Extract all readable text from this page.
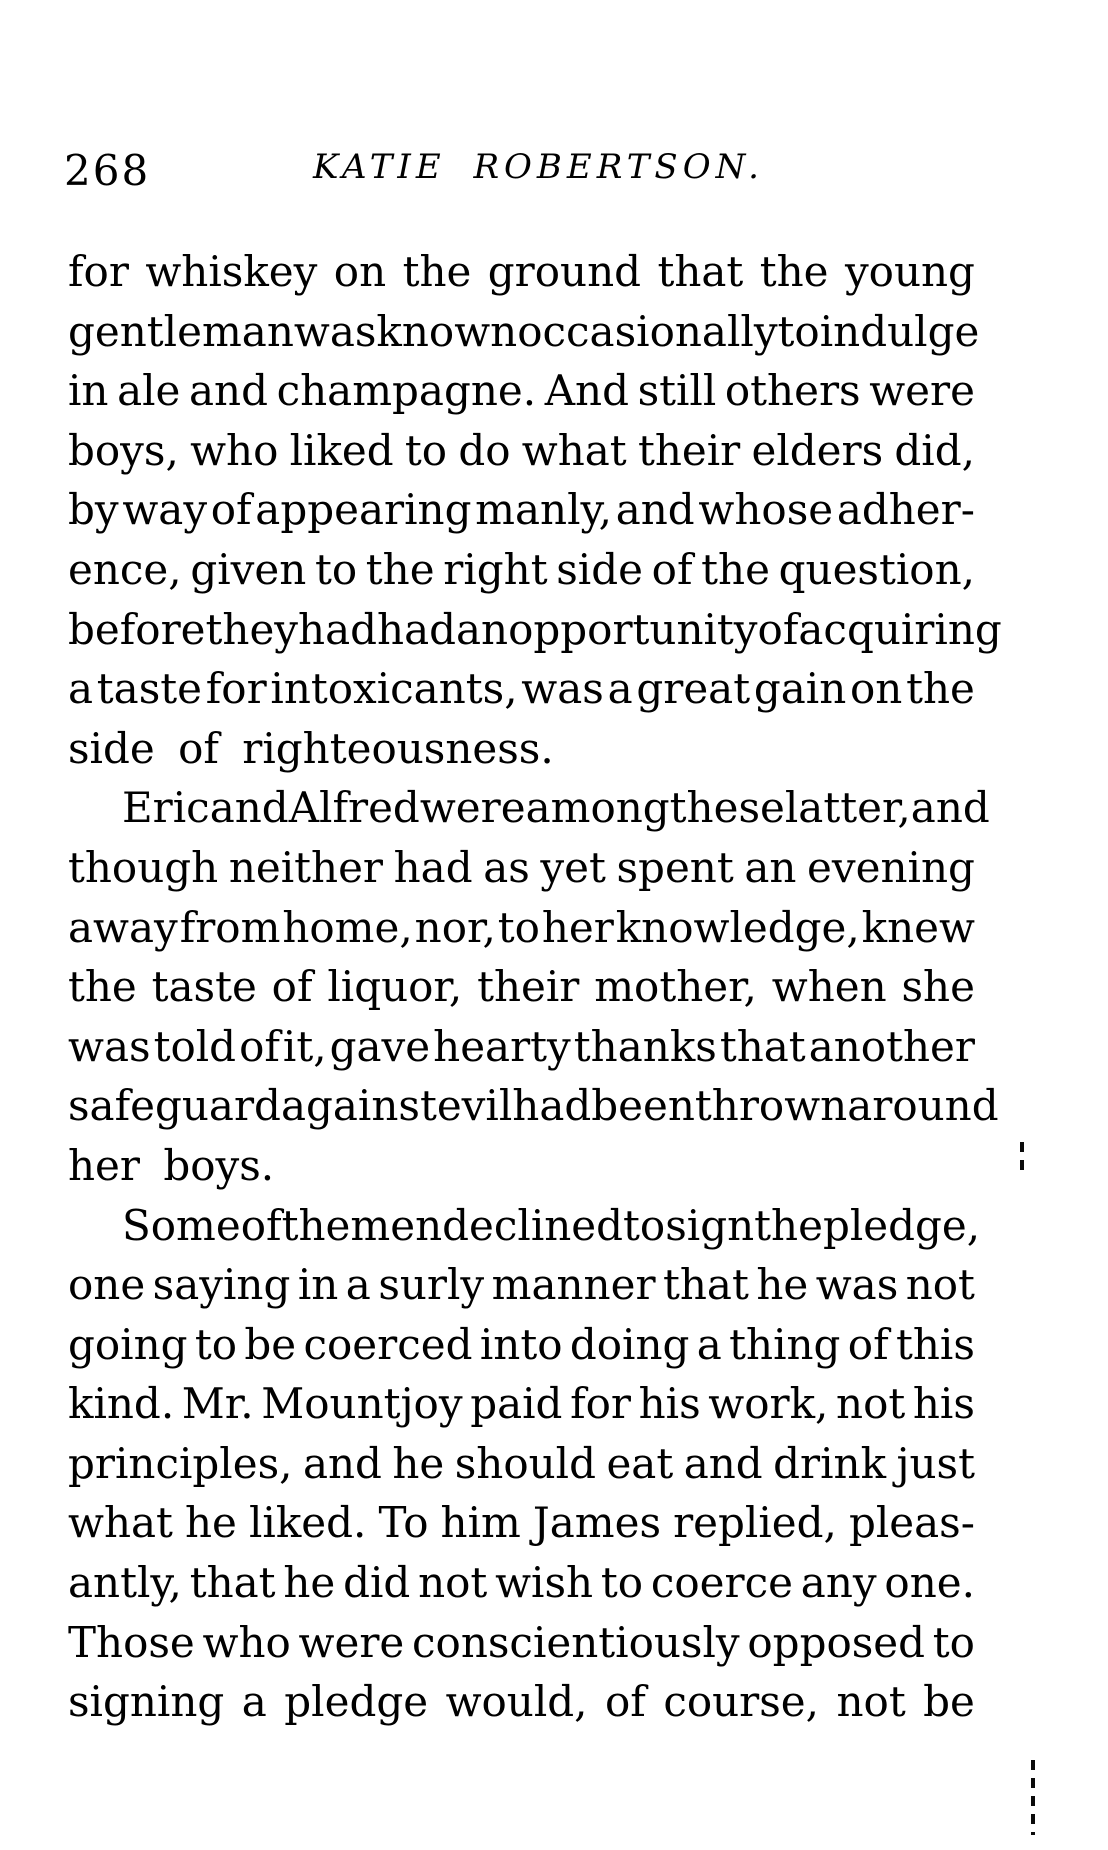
268	KATIE ROBERTSON.
for whiskey on the ground that the young
gentleman was known occasionally to indulge
in ale and champagne. And still others were
boys, who liked to do what their elders did,
by way of appearing manly, and whose adher-
ence, given to the right side of the question,
before they had had an opportunity of acquiring
a taste for intoxicants, was a great gain on the
side of righteousness.
Eric and Alfred were among these latter, and
though neither had as yet spent an evening
away from home, nor, to her knowledge, knew
the taste of liquor, their mother, when she
was told of it, gave hearty thanks that another
safeguard against evil had been thrown around
her boys.
Some of the men declined to sign the pledge,
one saying in a surly manner that he was not
going to be coerced into doing a thing of this
kind. Mr. Mountjoy paid for his work, not his
principles, and he should eat and drink just
what he liked. To him James replied, pleas-
antly, that he did not wish to coerce any one.
Those who were conscientiously opposed to
signing a pledge would, of course, not be
